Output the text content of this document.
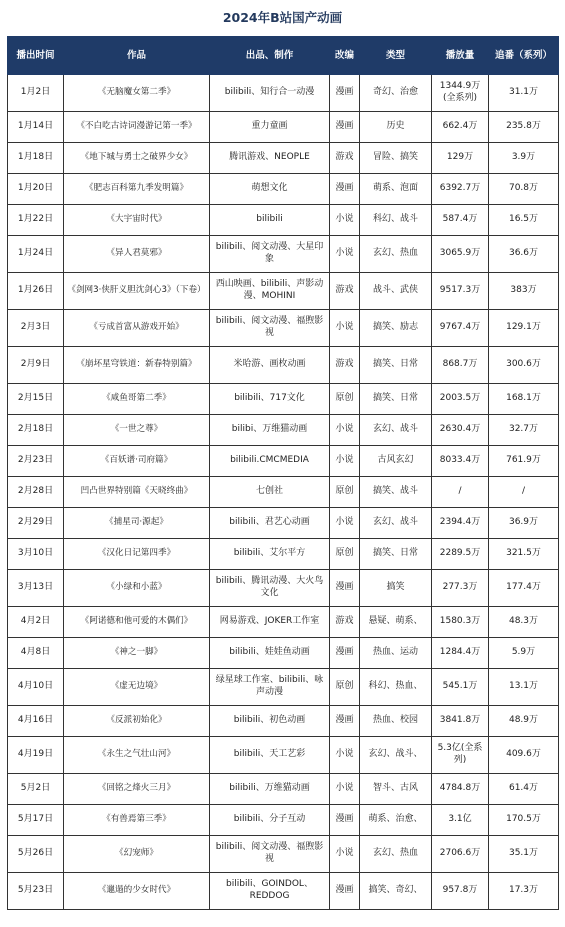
2024年B站国产动画
播出时间	作品	出品、制作	改编	类型	播放量	追番（系列）
1月2日	《无脑魔女第二季》	bilibili、知行合一动漫	漫画	奇幻、治愈	1344.9万(全系列)	31.1万
1月14日	《不白吃古诗词漫游记第一季》	重力童画	漫画	历史	662.4万	235.8万
1月18日	《地下城与勇士之破界少女》	腾讯游戏、NEOPLE	游戏	冒险、搞笑	129万	3.9万
1月20日	《肥志百科第九季发明篇》	萌想文化	漫画	萌系、泡面	6392.7万	70.8万
1月22日	《大宇宙时代》	bilibili	小说	科幻、战斗	587.4万	16.5万
1月24日	《异人君莫邪》	bilibili、阅文动漫、大星印象	小说	玄幻、热血	3065.9万	36.6万
1月26日	《剑网3·侠肝义胆沈剑心3》（下卷）	西山映画、bilibili、声影动漫、MOHINI	游戏	战斗、武侠	9517.3万	383万
2月3日	《亏成首富从游戏开始》	bilibili、阅文动漫、福煦影视	小说	搞笑、励志	9767.4万	129.1万
2月9日	《崩坏星穹铁道：新春特别篇》	米哈游、画枚动画	游戏	搞笑、日常	868.7万	300.6万
2月15日	《咸鱼哥第二季》	bilibili、717文化	原创	搞笑、日常	2003.5万	168.1万
2月18日	《一世之尊》	bilibi、万维猫动画	小说	玄幻、战斗	2630.4万	32.7万
2月23日	《百妖谱·司府篇》	bilibili.CMCMEDIA	小说	古风玄幻	8033.4万	761.9万
2月28日	凹凸世界特别篇《天晓终曲》	七创社	原创	搞笑、战斗	/	/
2月29日	《捕星司·源起》	bilibili、君艺心动画	小说	玄幻、战斗	2394.4万	36.9万
3月10日	《汉化日记第四季》	bilibili、艾尔平方	原创	搞笑、日常	2289.5万	321.5万
3月13日	《小绿和小蓝》	bilibili、腾讯动漫、大火鸟文化	漫画	搞笑	277.3万	177.4万
4月2日	《阿诺德和他可爱的木偶们》	网易游戏、JOKER工作室	游戏	悬疑、萌系、	1580.3万	48.3万
4月8日	《神之一脚》	bilibili、娃娃鱼动画	漫画	热血、运动	1284.4万	5.9万
4月10日	《虚无边境》	绿星球工作室、bilibili、咏声动漫	原创	科幻、热血、	545.1万	13.1万
4月16日	《反派初始化》	bilibili、初色动画	漫画	热血、校园	3841.8万	48.9万
4月19日	《永生之气壮山河》	bilibili、天工艺彩	小说	玄幻、战斗、	5.3亿(全系列)	409.6万
5月2日	《回铭之烽火三月》	bilibili、万维猫动画	小说	智斗、古风	4784.8万	61.4万
5月17日	《有兽焉第三季》	bilibili、分子互动	漫画	萌系、治愈、	3.1亿	170.5万
5月26日	《幻宠师》	bilibili、阅文动漫、福煦影视	小说	玄幻、热血	2706.6万	35.1万
5月23日	《邋遢的少女时代》	bilibili、GOINDOL、REDDOG	漫画	搞笑、奇幻、	957.8万	17.3万
